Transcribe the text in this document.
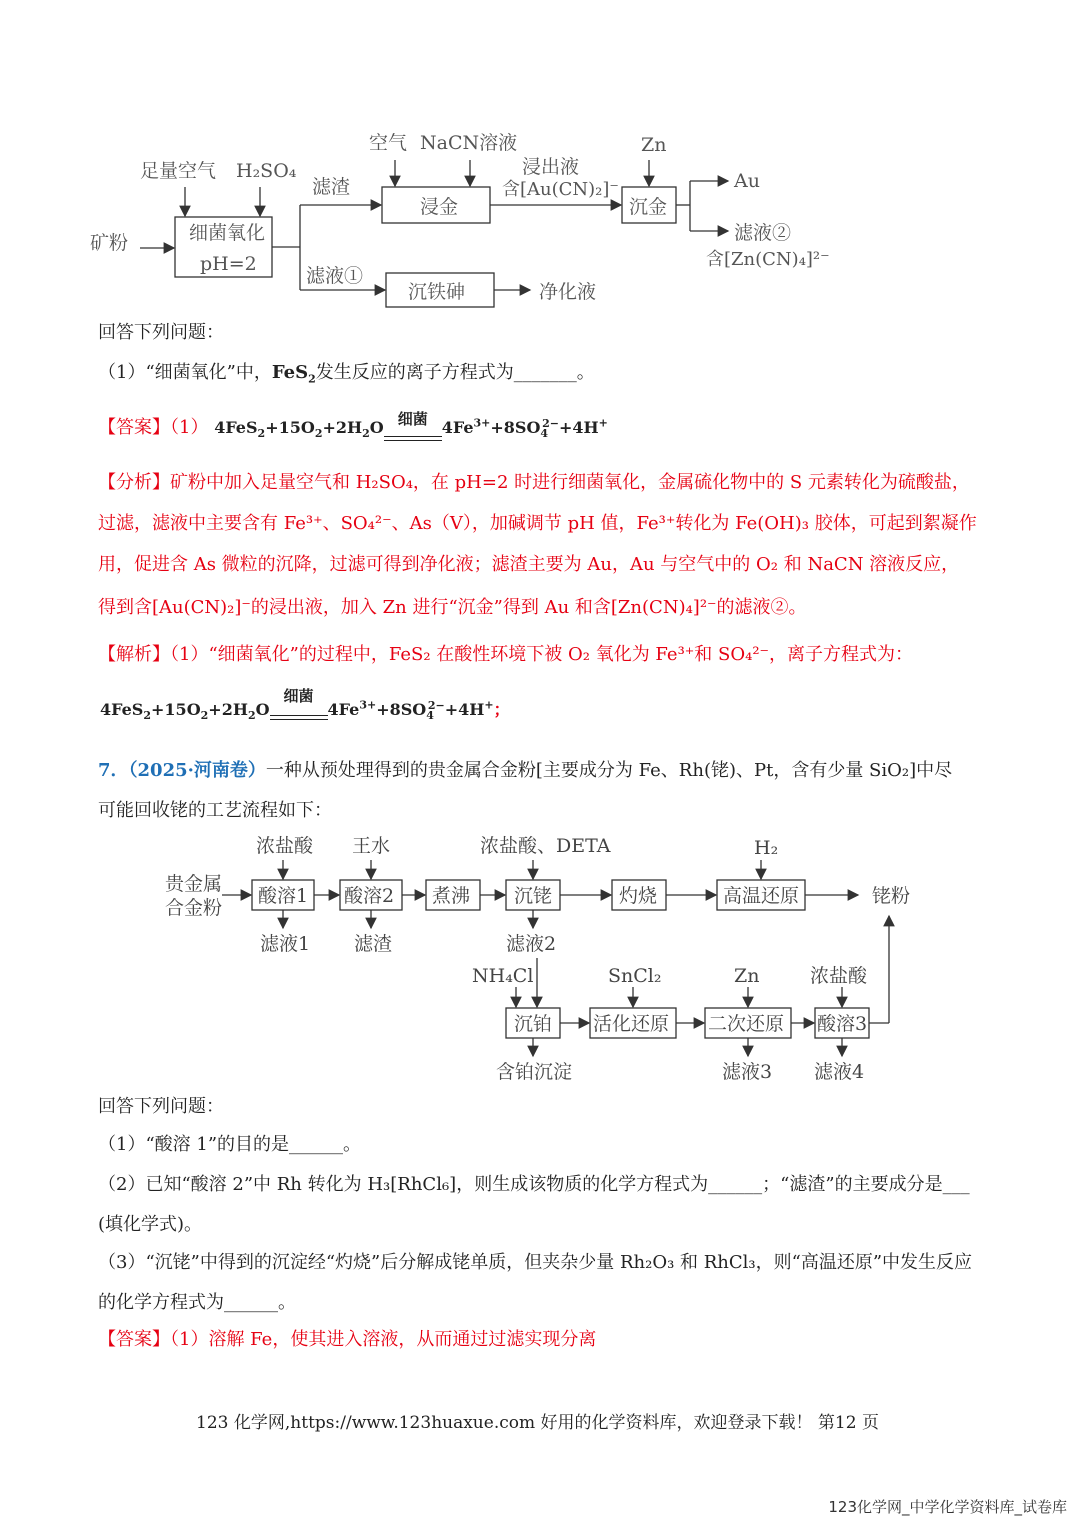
矿粉
足量空气 H₂SO₄
细菌氧化
pH=2
滤渣
空气 NaCN溶液
浸金
浸出液
含[Au(CN)₂]⁻
Zn
沉金
Au
滤液②
含[Zn(CN)₄]²⁻
滤液①
沉铁砷	净化液
回答下列问题：
（1）“细菌氧化”中，FeS$_2$发生反应的离子方程式为_______。
【答案】（1） $4FeS_2+15O_2+2H_2O$ 细菌 $4Fe^{3+}+8SO_4^{2-}+4H^+$
【分析】矿粉中加入足量空气和 H₂SO₄，在 pH=2 时进行细菌氧化，金属硫化物中的 S 元素转化为硫酸盐，
过滤，滤液中主要含有 Fe³⁺、SO₄²⁻、As（V），加碱调节 pH 值，Fe³⁺转化为 Fe(OH)₃ 胶体，可起到絮凝作
用，促进含 As 微粒的沉降，过滤可得到净化液；滤渣主要为 Au，Au 与空气中的 O₂ 和 NaCN 溶液反应，
得到含[Au(CN)₂]⁻的浸出液，加入 Zn 进行“沉金”得到 Au 和含[Zn(CN)₄]²⁻的滤液②。
【解析】（1）“细菌氧化”的过程中，FeS₂ 在酸性环境下被 O₂ 氧化为 Fe³⁺和 SO₄²⁻，离子方程式为：
$4FeS_2+15O_2+2H_2O$
细菌
$4Fe^{3+}+8SO_4^{2-}+4H^+$；
7．（2025·河南卷）一种从预处理得到的贵金属合金粉[主要成分为 Fe、Rh(铑)、Pt，含有少量 SiO₂]中尽
可能回收铑的工艺流程如下：
贵金属
合金粉
浓盐酸 王水	浓盐酸、DETA	H₂
酸溶1 酸溶2 煮沸 沉铑	灼烧	高温还原	铑粉
滤液1 滤渣	滤液2
NH₄Cl	SnCl₂	Zn	浓盐酸
沉铂 活化还原 二次还原 酸溶3
含铂沉淀	滤液3 滤液4
回答下列问题：
（1）“酸溶 1”的目的是______。
（2）已知“酸溶 2”中 Rh 转化为 H₃[RhCl₆]，则生成该物质的化学方程式为______；“滤渣”的主要成分是___
(填化学式)。
（3）“沉铑”中得到的沉淀经“灼烧”后分解成铑单质，但夹杂少量 Rh₂O₃ 和 RhCl₃，则“高温还原”中发生反应
的化学方程式为______。
【答案】（1）溶解 Fe，使其进入溶液，从而通过过滤实现分离
123 化学网,https://www.123huaxue.com 好用的化学资料库，欢迎登录下载！ 第12 页
123化学网_中学化学资料库_试卷库
